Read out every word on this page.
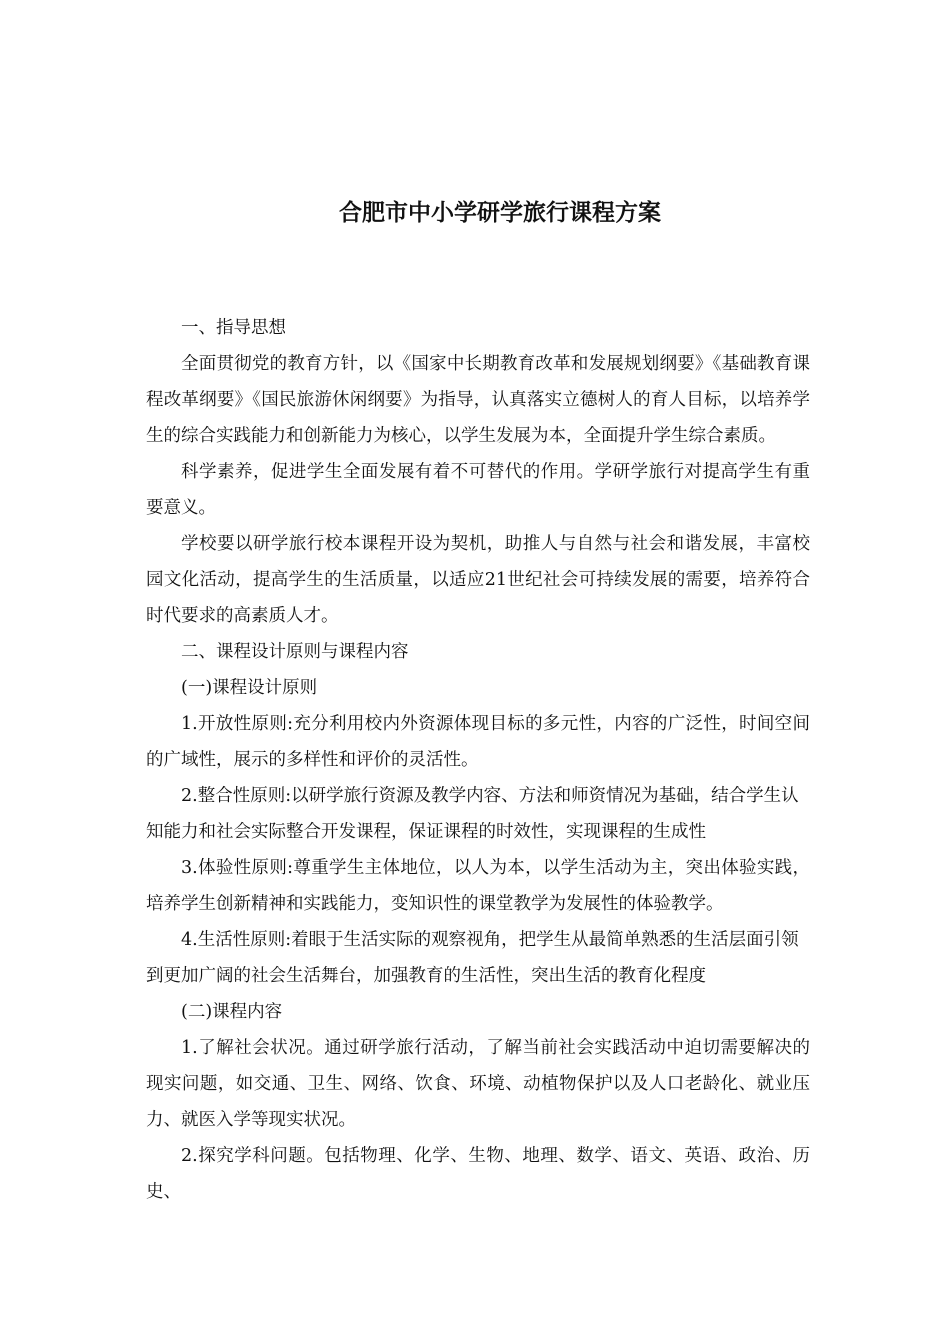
合肥市中小学研学旅行课程方案

一、指导思想

全面贯彻党的教育方针，以《国家中长期教育改革和发展规划纲要》《基础教育课程改革纲要》《国民旅游休闲纲要》为指导，认真落实立德树人的育人目标，以培养学生的综合实践能力和创新能力为核心，以学生发展为本，全面提升学生综合素质。

科学素养，促进学生全面发展有着不可替代的作用。学研学旅行对提高学生有重要意义。

学校要以研学旅行校本课程开设为契机，助推人与自然与社会和谐发展，丰富校园文化活动，提高学生的生活质量，以适应21世纪社会可持续发展的需要，培养符合时代要求的高素质人才。

二、课程设计原则与课程内容

(一)课程设计原则

1.开放性原则:充分利用校内外资源体现目标的多元性，内容的广泛性，时间空间的广域性，展示的多样性和评价的灵活性。

2.整合性原则:以研学旅行资源及教学内容、方法和师资情况为基础，结合学生认知能力和社会实际整合开发课程，保证课程的时效性，实现课程的生成性

3.体验性原则:尊重学生主体地位，以人为本，以学生活动为主，突出体验实践，培养学生创新精神和实践能力，变知识性的课堂教学为发展性的体验教学。

4.生活性原则:着眼于生活实际的观察视角，把学生从最简单熟悉的生活层面引领到更加广阔的社会生活舞台，加强教育的生活性，突出生活的教育化程度

(二)课程内容

1.了解社会状况。通过研学旅行活动，了解当前社会实践活动中迫切需要解决的现实问题，如交通、卫生、网络、饮食、环境、动植物保护以及人口老龄化、就业压力、就医入学等现实状况。

2.探究学科问题。包括物理、化学、生物、地理、数学、语文、英语、政治、历史、
